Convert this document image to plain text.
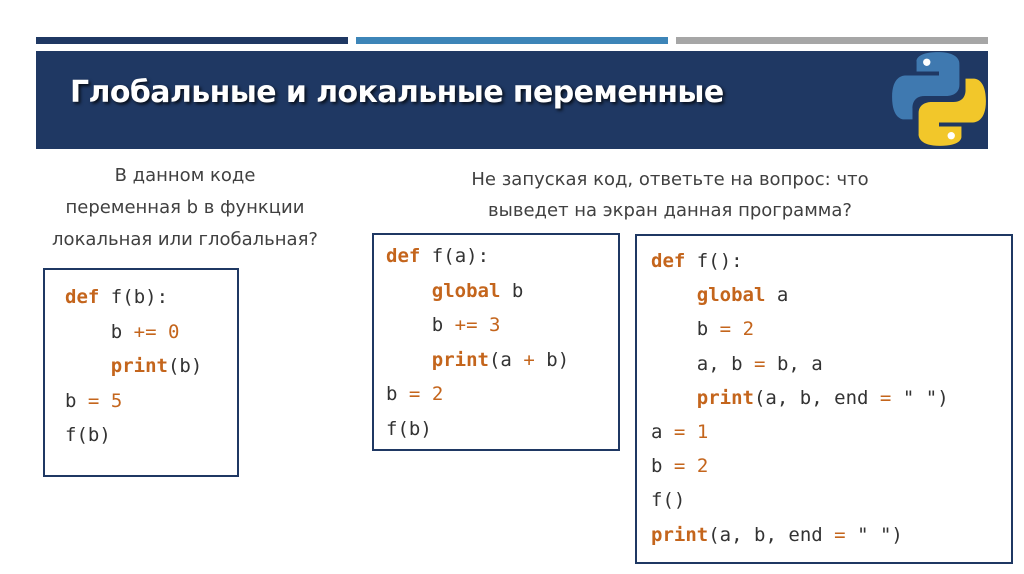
Глобальные и локальные переменные
В данном коде
переменная b в функции
локальная или глобальная?
Не запуская код, ответьте на вопрос: что
выведет на экран данная программа?
def f(b):
b += 0
print(b)
b = 5
f(b)
def f(a):
global b
b += 3
print(a + b)
b = 2
f(b)
def f():
global a
b = 2
a, b = b, a
print(a, b, end = " ")
a = 1
b = 2
f()
print(a, b, end = " ")
